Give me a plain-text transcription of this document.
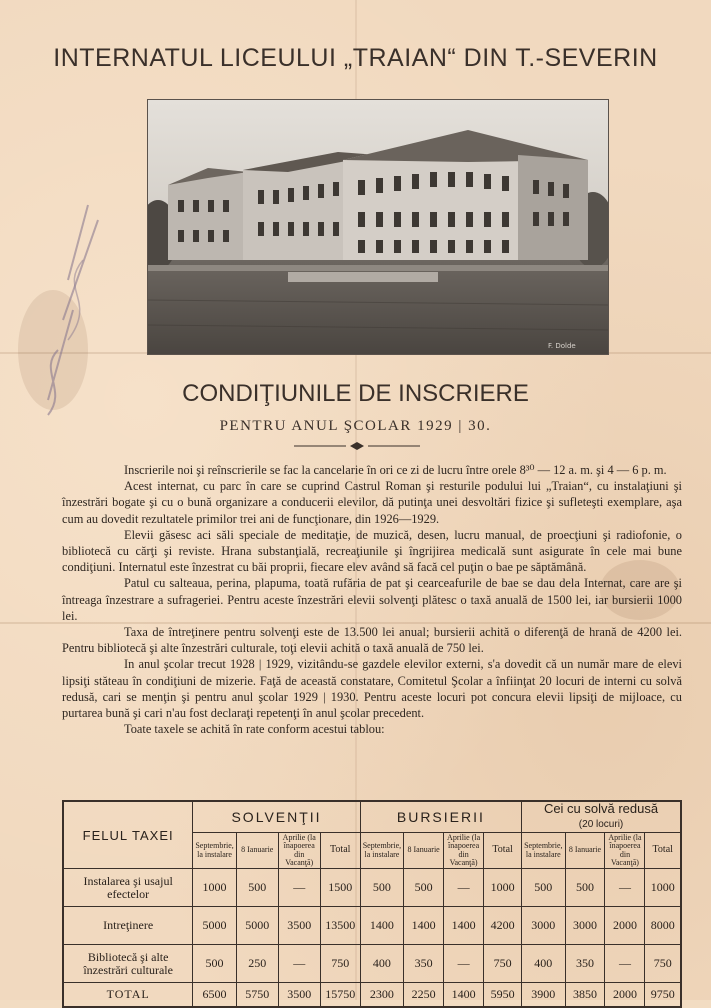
INTERNATUL LICEULUI „TRAIAN“ DIN T.-SEVERIN
F. Dolde
CONDIŢIUNILE DE INSCRIERE
PENTRU ANUL ŞCOLAR 1929 | 30.

Inscrierile noi şi reînscrierile se fac la cancelarie în ori ce zi de lucru între orele 8³⁰ — 12 a. m. şi 4 — 6 p. m.

Acest internat, cu parc în care se cuprind Castrul Roman şi resturile podului lui „Traian“, cu instalaţiuni şi înzestrări bogate şi cu o bună organizare a conducerii elevilor, dă putinţa unei desvoltări fizice şi sufleteşti exemplare, aşa cum au dovedit rezultatele primilor trei ani de funcţionare, din 1926—1929.

Elevii găsesc aci săli speciale de meditaţie, de muzică, desen, lucru manual, de proecţiuni şi radiofonie, o bibliotecă cu cărţi şi reviste. Hrana substanţială, recreaţiunile şi îngrijirea medicală sunt asigurate în cele mai bune condiţiuni. Internatul este înzestrat cu băi proprii, fiecare elev având să facă cel puţin o bae pe săptămână.

Patul cu salteaua, perina, plapuma, toată rufăria de pat şi cearceafurile de bae se dau dela Internat, care are şi întreaga înzestrare a sufrageriei. Pentru aceste înzestrări elevii solvenţi plătesc o taxă anuală de 1500 lei, iar bursierii 1000 lei.

Taxa de întreţinere pentru solvenţi este de 13.500 lei anual; bursierii achită o diferenţă de hrană de 4200 lei. Pentru bibliotecă şi alte înzestrări culturale, toţi elevii achită o taxă anuală de 750 lei.

In anul şcolar trecut 1928 | 1929, vizitându-se gazdele elevilor externi, s'a dovedit că un număr mare de elevi lipsiţi stăteau în condiţiuni de mizerie. Faţă de această constatare, Comitetul Şcolar a înfiinţat 20 locuri de interni cu solvă redusă, cari se menţin şi pentru anul şcolar 1929 | 1930. Pentru aceste locuri pot concura elevii lipsiţi de mijloace, cu purtarea bună şi cari n'au fost declaraţi repetenţi în anul şcolar precedent.

Toate taxele se achită în rate conform acestui tablou:

FELUL TAXEI	SOLVENŢII				BURSIERII				Cei cu solvă redusă
(20 locuri)			
	Septembrie, la instalare	8 Ianuarie	Aprilie (la înapoerea din Vacanţă)	Total	Septembrie, la instalare	8 Ianuarie	Aprilie (la înapoerea din Vacanţă)	Total	Septembrie, la instalare	8 Ianuarie	Aprilie (la înapoerea din Vacanţă)	Total
Instalarea şi usajul efectelor	1000	500	—	1500	500	500	—	1000	500	500	—	1000
Intreţinere	5000	5000	3500	13500	1400	1400	1400	4200	3000	3000	2000	8000
Bibliotecă şi alte înzestrări culturale	500	250	—	750	400	350	—	750	400	350	—	750
TOTAL	6500	5750	3500	15750	2300	2250	1400	5950	3900	3850	2000	9750
